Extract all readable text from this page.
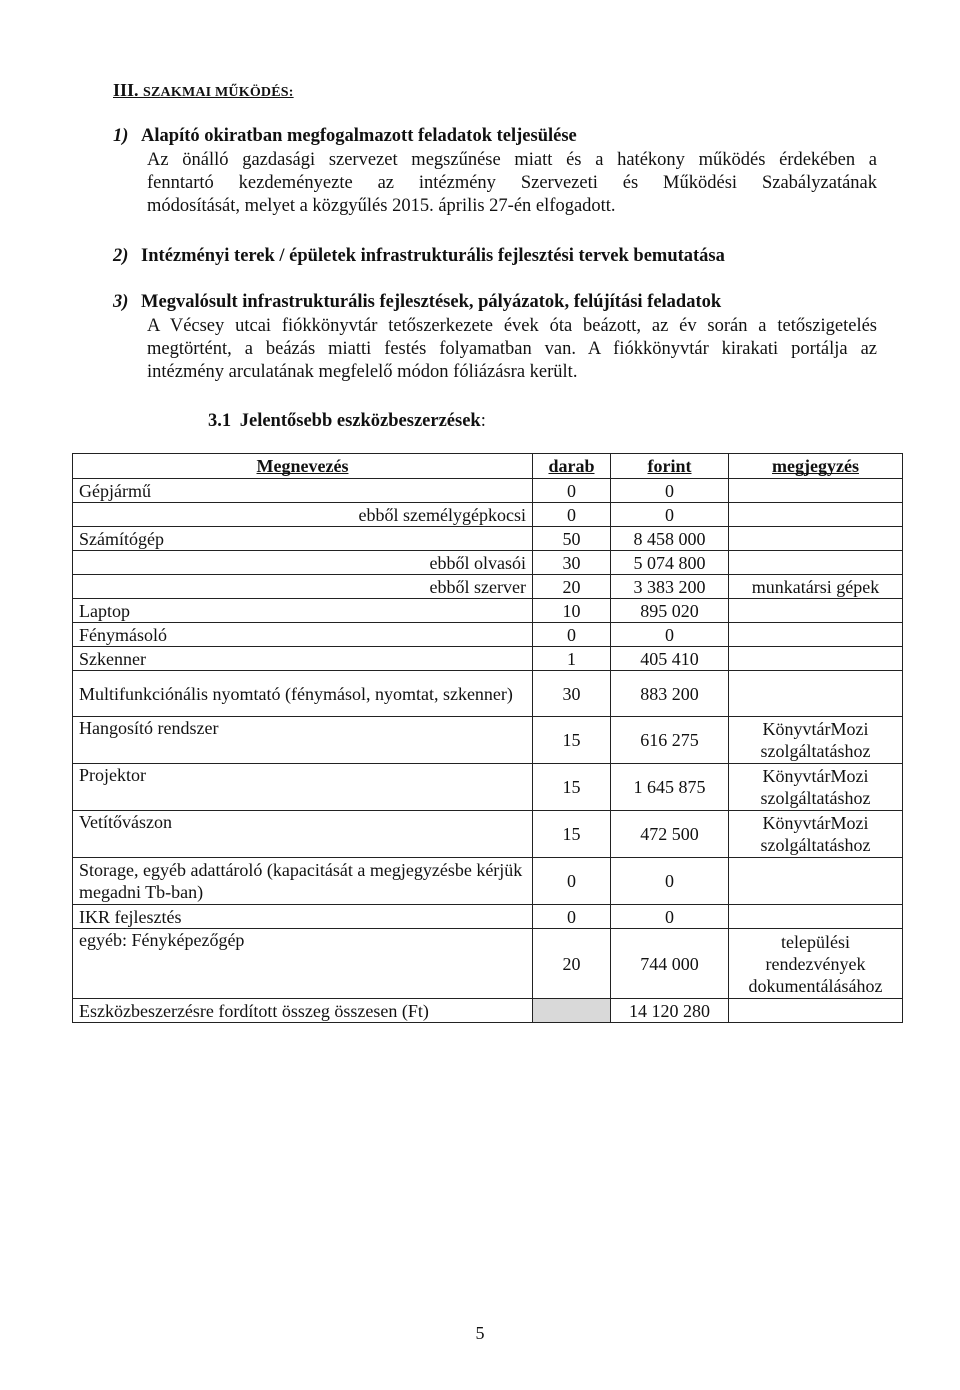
III. SZAKMAI MŰKÖDÉS:
1) Alapító okiratban megfogalmazott feladatok teljesülése
Az önálló gazdasági szervezet megszűnése miatt és a hatékony működés érdekében a
fenntartó kezdeményezte az intézmény Szervezeti és Működési Szabályzatának
módosítását, melyet a közgyűlés 2015. április 27-én elfogadott.
2) Intézményi terek / épületek infrastrukturális fejlesztési tervek bemutatása
3) Megvalósult infrastrukturális fejlesztések, pályázatok, felújítási feladatok
A Vécsey utcai fiókkönyvtár tetőszerkezete évek óta beázott, az év során a tetőszigetelés
megtörtént, a beázás miatti festés folyamatban van. A fiókkönyvtár kirakati portálja az
intézmény arculatának megfelelő módon fóliázásra került.
3.1 Jelentősebb eszközbeszerzések:
Megnevezés	darab	forint	megjegyzés
Gépjármű	0	0	
ebből személygépkocsi	0	0	
Számítógép	50	8 458 000	
ebből olvasói	30	5 074 800	
ebből szerver	20	3 383 200	munkatársi gépek
Laptop	10	895 020	
Fénymásoló	0	0	
Szkenner	1	405 410	
Multifunkciónális nyomtató (fénymásol, nyomtat, szkenner)	30	883 200	
Hangosító rendszer	15	616 275	KönyvtárMozi szolgáltatáshoz
Projektor	15	1 645 875	KönyvtárMozi szolgáltatáshoz
Vetítővászon	15	472 500	KönyvtárMozi szolgáltatáshoz
Storage, egyéb adattároló (kapacitását a megjegyzésbe kérjük megadni Tb-ban)	0	0	
IKR fejlesztés	0	0	
egyéb: Fényképezőgép	20	744 000	települési rendezvények dokumentálásához
Eszközbeszerzésre fordított összeg összesen (Ft)		14 120 280	
5
